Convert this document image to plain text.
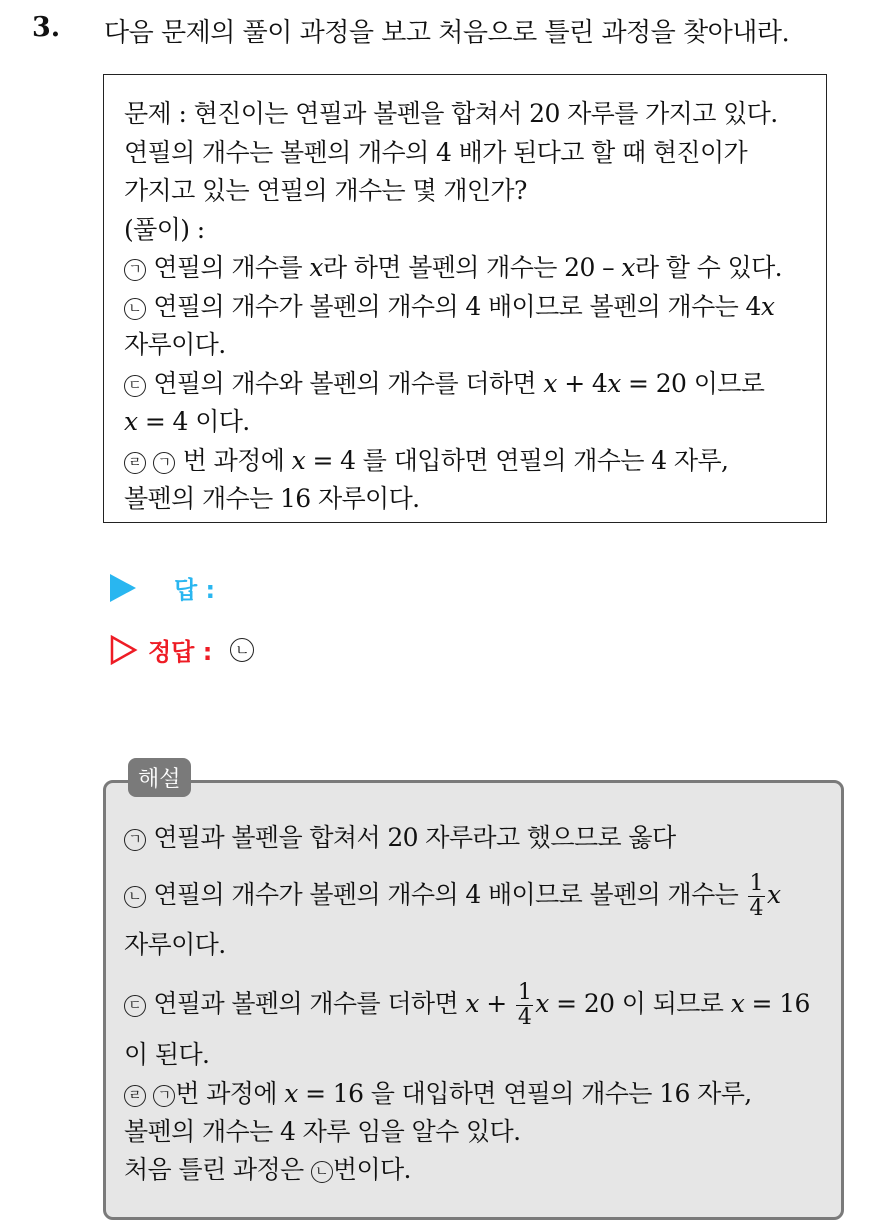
3. 다음 문제의 풀이 과정을 보고 처음으로 틀린 과정을 찾아내라.
문제 : 현진이는 연필과 볼펜을 합쳐서 20 자루를 가지고 있다.
연필의 개수는 볼펜의 개수의 4 배가 된다고 할 때 현진이가
가지고 있는 연필의 개수는 몇 개인가?
(풀이) :
ㄱ 연필의 개수를 x라 하면 볼펜의 개수는 20 – x라 할 수 있다.
ㄴ 연필의 개수가 볼펜의 개수의 4 배이므로 볼펜의 개수는 4x
자루이다.
ㄷ 연필의 개수와 볼펜의 개수를 더하면 x + 4x = 20 이므로
x = 4 이다.
ㄹ ㄱ 번 과정에 x = 4 를 대입하면 연필의 개수는 4 자루,
볼펜의 개수는 16 자루이다.
답 :
정답 :	ㄴ
ㄱ 연필과 볼펜을 합쳐서 20 자루라고 했으므로 옳다
ㄴ 연필의 개수가 볼펜의 개수의 4 배이므로 볼펜의 개수는 $\frac{1}{4}$ x
자루이다.
ㄷ 연필과 볼펜의 개수를 더하면 $x + \frac{1}{4}$ x = 20 이 되므로 x = 16
이 된다.
ㄹ ㄱ 번 과정에 x = 16 을 대입하면 연필의 개수는 16 자루,
볼펜의 개수는 4 자루 임을 알수 있다.
처음 틀린 과정은 ㄴ 번이다.
해설
